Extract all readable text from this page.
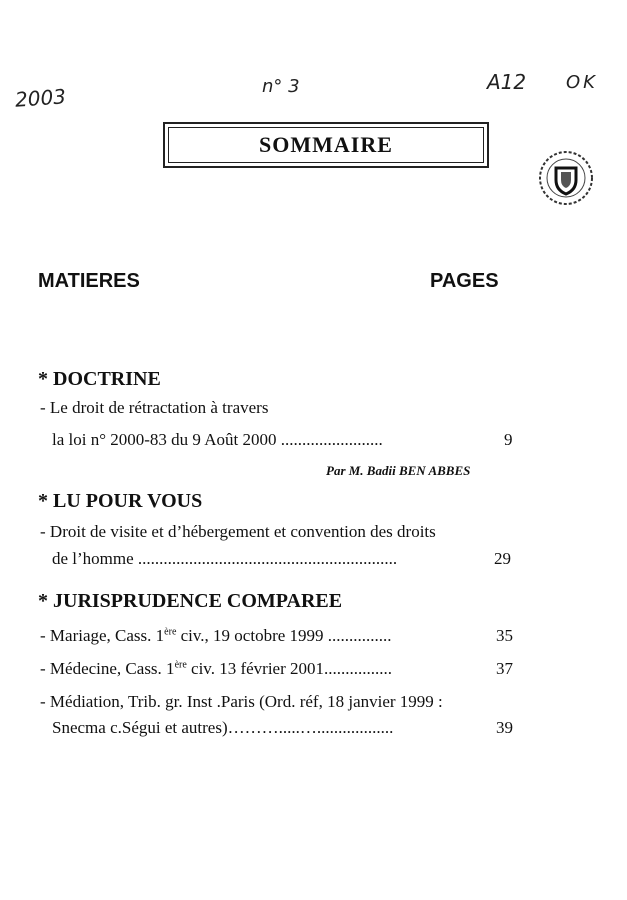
2003	n° 3	A12 OK
SOMMAIRE
MATIERES	PAGES
* DOCTRINE
- Le droit de rétractation à travers
la loi n° 2000-83 du 9 Août 2000 ........................	9
Par M. Badii BEN ABBES
* LU POUR VOUS
- Droit de visite et d’hébergement et convention des droits
de l’homme .............................................................	29
* JURISPRUDENCE COMPAREE
- Mariage, Cass. 1ère civ., 19 octobre 1999 ...............	35
- Médecine, Cass. 1ère civ. 13 février 2001................	37
- Médiation, Trib. gr. Inst .Paris (Ord. réf, 18 janvier 1999 :
Snecma c.Ségui et autres)……….....…..................	39
